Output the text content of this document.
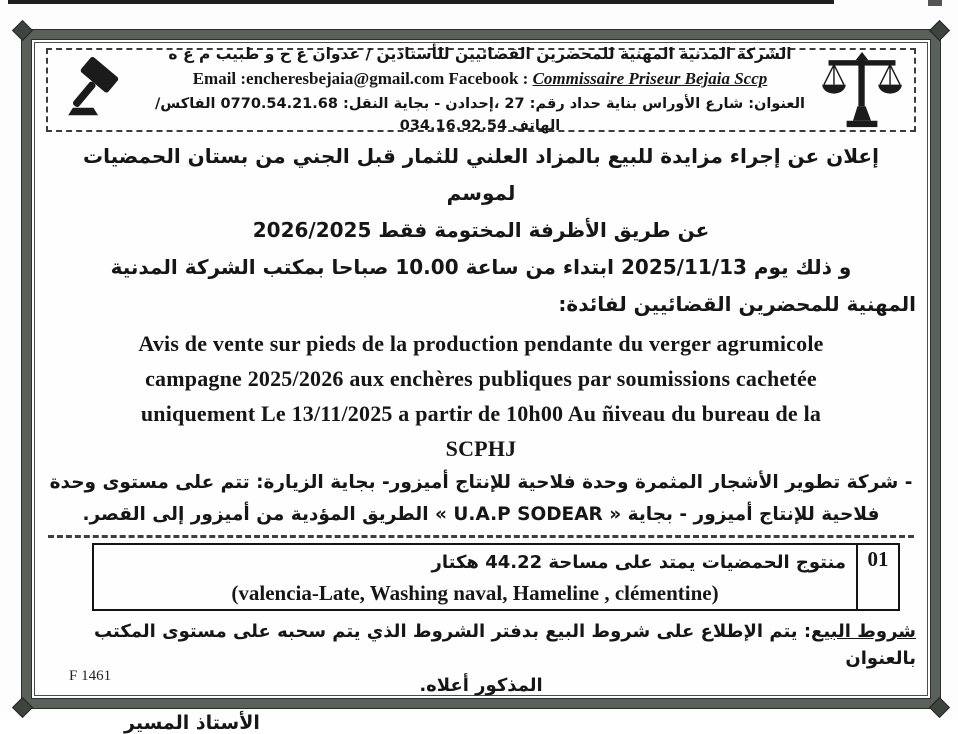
الشركة المدنية المهنية للمحضرين القضائيين للأستاذين / عدوان ع ح و طبيب م ع ه
Email :encheresbejaia@gmail.com Facebook : Commissaire Priseur Bejaia Sccp
العنوان: شارع الأوراس بناية حداد رقم: 27 ،إحدادن - بجاية النقل: 0770.54.21.68 الفاكس/الهاتف 034.16.92.54
إعلان عن إجراء مزايدة للبيع بالمزاد العلني للثمار قبل الجني من بستان الحمضيات لموسم
عن طريق الأظرفة المختومة فقط 2026/2025
و ذلك يوم 2025/11/13 ابتداء من ساعة 10.00 صباحا بمكتب الشركة المدنية
المهنية للمحضرين القضائيين لفائدة:
Avis de vente sur pieds de la production pendante du verger agrumicole
campagne 2025/2026 aux enchères publiques par soumissions cachetée
uniquement Le 13/11/2025 a partir de 10h00 Au ñiveau du bureau de la
SCPHJ
- شركة تطوير الأشجار المثمرة وحدة فلاحية للإنتاج أميزور- بجاية الزيارة: تتم على مستوى وحدة
فلاحية للإنتاج أميزور - بجاية « U.A.P SODEAR » الطريق المؤدية من أميزور إلى القصر.
01
منتوج الحمضيات يمتد على مساحة 44.22 هكتار
(valencia-Late, Washing naval, Hameline , clémentine)
شروط البيع: يتم الإطلاع على شروط البيع بدفتر الشروط الذي يتم سحبه على مستوى المكتب بالعنوان
المذكور أعلاه.
الأستاذ المسير
F 1461
